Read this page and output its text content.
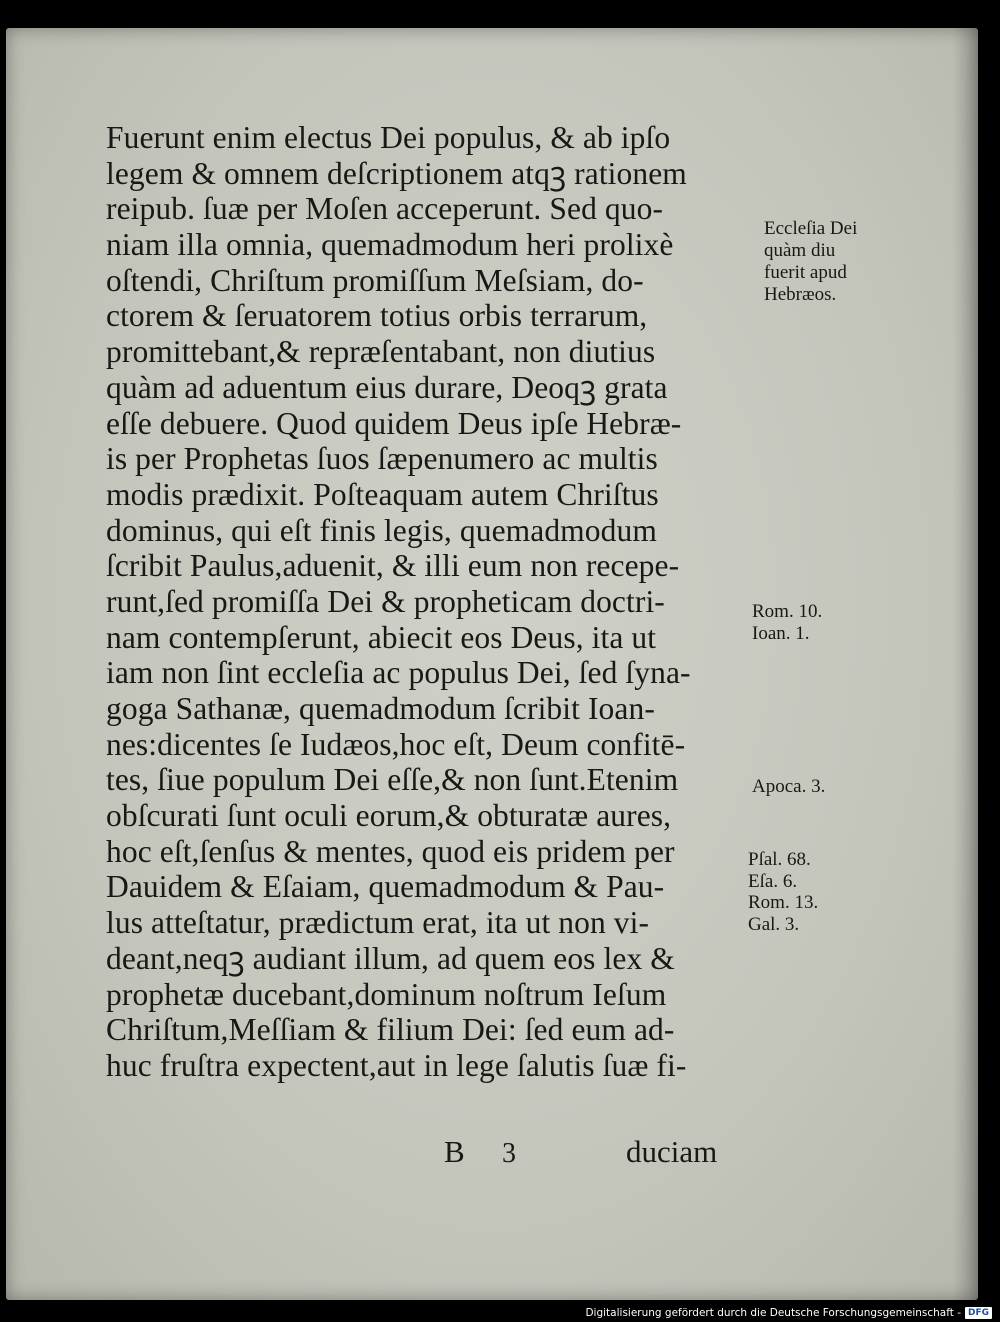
Fuerunt enim electus Dei populus, & ab ipſo
legem & omnem deſcriptionem atqꝫ rationem
reipub. ſuæ per Moſen acceperunt. Sed quo-
niam illa omnia, quemadmodum heri prolixè
oſtendi, Chriſtum promiſſum Meſsiam, do-
ctorem & ſeruatorem totius orbis terrarum,
promittebant,& repræſentabant, non diutius
quàm ad aduentum eius durare, Deoqꝫ grata
eſſe debuere. Quod quidem Deus ipſe Hebræ-
is per Prophetas ſuos ſæpenumero ac multis
modis prædixit. Poſteaquam autem Chriſtus
dominus, qui eſt finis legis, quemadmodum
ſcribit Paulus,aduenit, & illi eum non recepe-
runt,ſed promiſſa Dei & propheticam doctri-
nam contempſerunt, abiecit eos Deus, ita ut
iam non ſint eccleſia ac populus Dei, ſed ſyna-
goga Sathanæ, quemadmodum ſcribit Ioan-
nes:dicentes ſe Iudæos,hoc eſt, Deum confitē-
tes, ſiue populum Dei eſſe,& non ſunt.Etenim
obſcurati ſunt oculi eorum,& obturatæ aures,
hoc eſt,ſenſus & mentes, quod eis pridem per
Dauidem & Eſaiam, quemadmodum & Pau-
lus atteſtatur, prædictum erat, ita ut non vi-
deant,neqꝫ audiant illum, ad quem eos lex &
prophetæ ducebant,dominum noſtrum Ieſum
Chriſtum,Meſſiam & filium Dei: ſed eum ad-
huc fruſtra expectent,aut in lege ſalutis ſuæ fi-
Eccleſia Dei
quàm diu
fuerit apud
Hebræos.
Rom. 10.
Ioan. 1.
Apoca. 3.
Pſal. 68.
Eſa. 6.
Rom. 13.
Gal. 3.
B 3	duciam
Digitalisierung gefördert durch die Deutsche Forschungsgemeinschaft - DFG
